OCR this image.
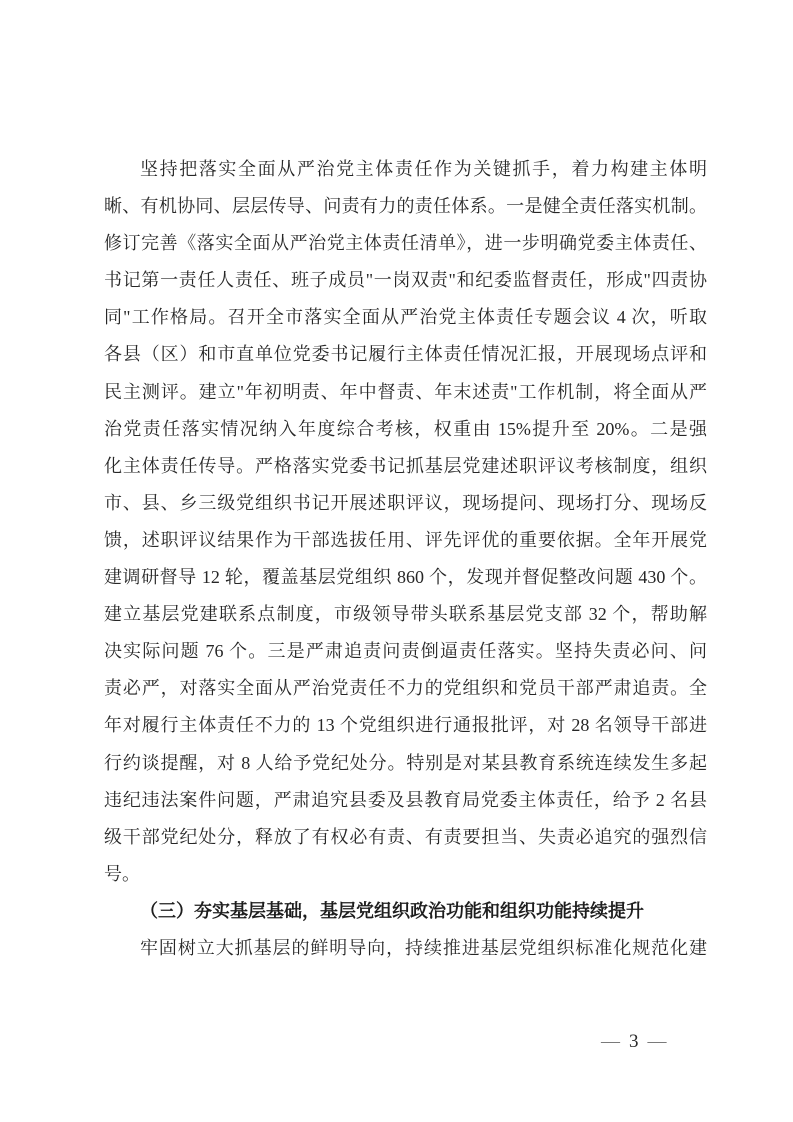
坚持把落实全面从严治党主体责任作为关键抓手，着力构建主体明
晰、有机协同、层层传导、问责有力的责任体系。一是健全责任落实机制。
修订完善《落实全面从严治党主体责任清单》，进一步明确党委主体责任、
书记第一责任人责任、班子成员"一岗双责"和纪委监督责任，形成"四责协
同"工作格局。召开全市落实全面从严治党主体责任专题会议 4 次，听取
各县（区）和市直单位党委书记履行主体责任情况汇报，开展现场点评和
民主测评。建立"年初明责、年中督责、年末述责"工作机制，将全面从严
治党责任落实情况纳入年度综合考核，权重由 15%提升至 20%。二是强
化主体责任传导。严格落实党委书记抓基层党建述职评议考核制度，组织
市、县、乡三级党组织书记开展述职评议，现场提问、现场打分、现场反
馈，述职评议结果作为干部选拔任用、评先评优的重要依据。全年开展党
建调研督导 12 轮，覆盖基层党组织 860 个，发现并督促整改问题 430 个。
建立基层党建联系点制度，市级领导带头联系基层党支部 32 个，帮助解
决实际问题 76 个。三是严肃追责问责倒逼责任落实。坚持失责必问、问
责必严，对落实全面从严治党责任不力的党组织和党员干部严肃追责。全
年对履行主体责任不力的 13 个党组织进行通报批评，对 28 名领导干部进
行约谈提醒，对 8 人给予党纪处分。特别是对某县教育系统连续发生多起
违纪违法案件问题，严肃追究县委及县教育局党委主体责任，给予 2 名县
级干部党纪处分，释放了有权必有责、有责要担当、失责必追究的强烈信
号。
（三）夯实基层基础，基层党组织政治功能和组织功能持续提升
牢固树立大抓基层的鲜明导向，持续推进基层党组织标准化规范化建
— 3 —
